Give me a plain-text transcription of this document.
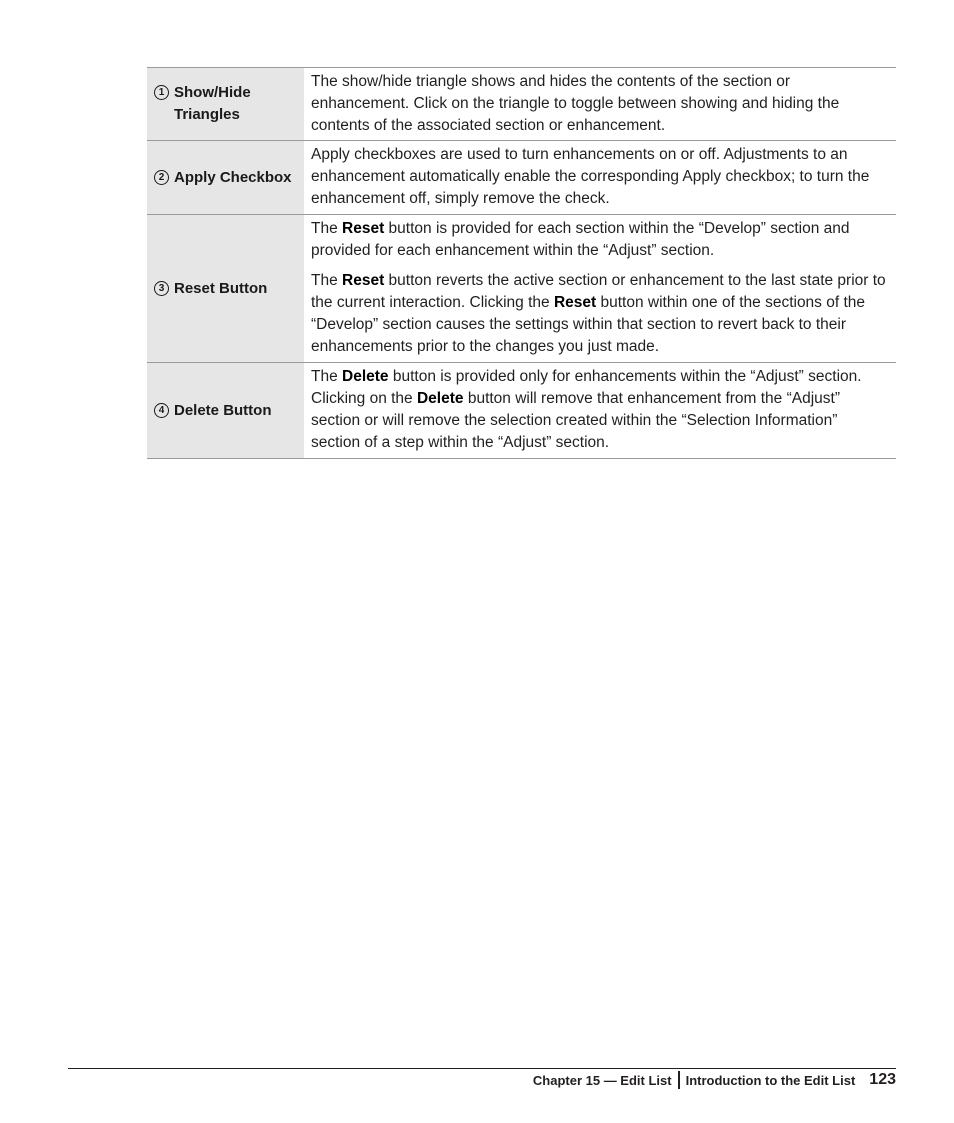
1 Show/Hide Triangles

The show/hide triangle shows and hides the contents of the section or enhancement. Click on the triangle to toggle between showing and hiding the contents of the associated section or enhancement.

2 Apply Checkbox

Apply checkboxes are used to turn enhancements on or off. Adjustments to an enhancement automatically enable the corresponding Apply checkbox; to turn the enhancement off, simply remove the check.

3 Reset Button

The Reset button is provided for each section within the “Develop” section and provided for each enhancement within the “Adjust” section.

The Reset button reverts the active section or enhancement to the last state prior to the current interaction. Clicking the Reset button within one of the sections of the “Develop” section causes the settings within that section to revert back to their enhancements prior to the changes you just made.

4 Delete Button

The Delete button is provided only for enhancements within the “Adjust” section. Clicking on the Delete button will remove that enhancement from the “Adjust” section or will remove the selection created within the “Selection Information” section of a step within the “Adjust” section.

Chapter 15 — Edit List Introduction to the Edit List 123
